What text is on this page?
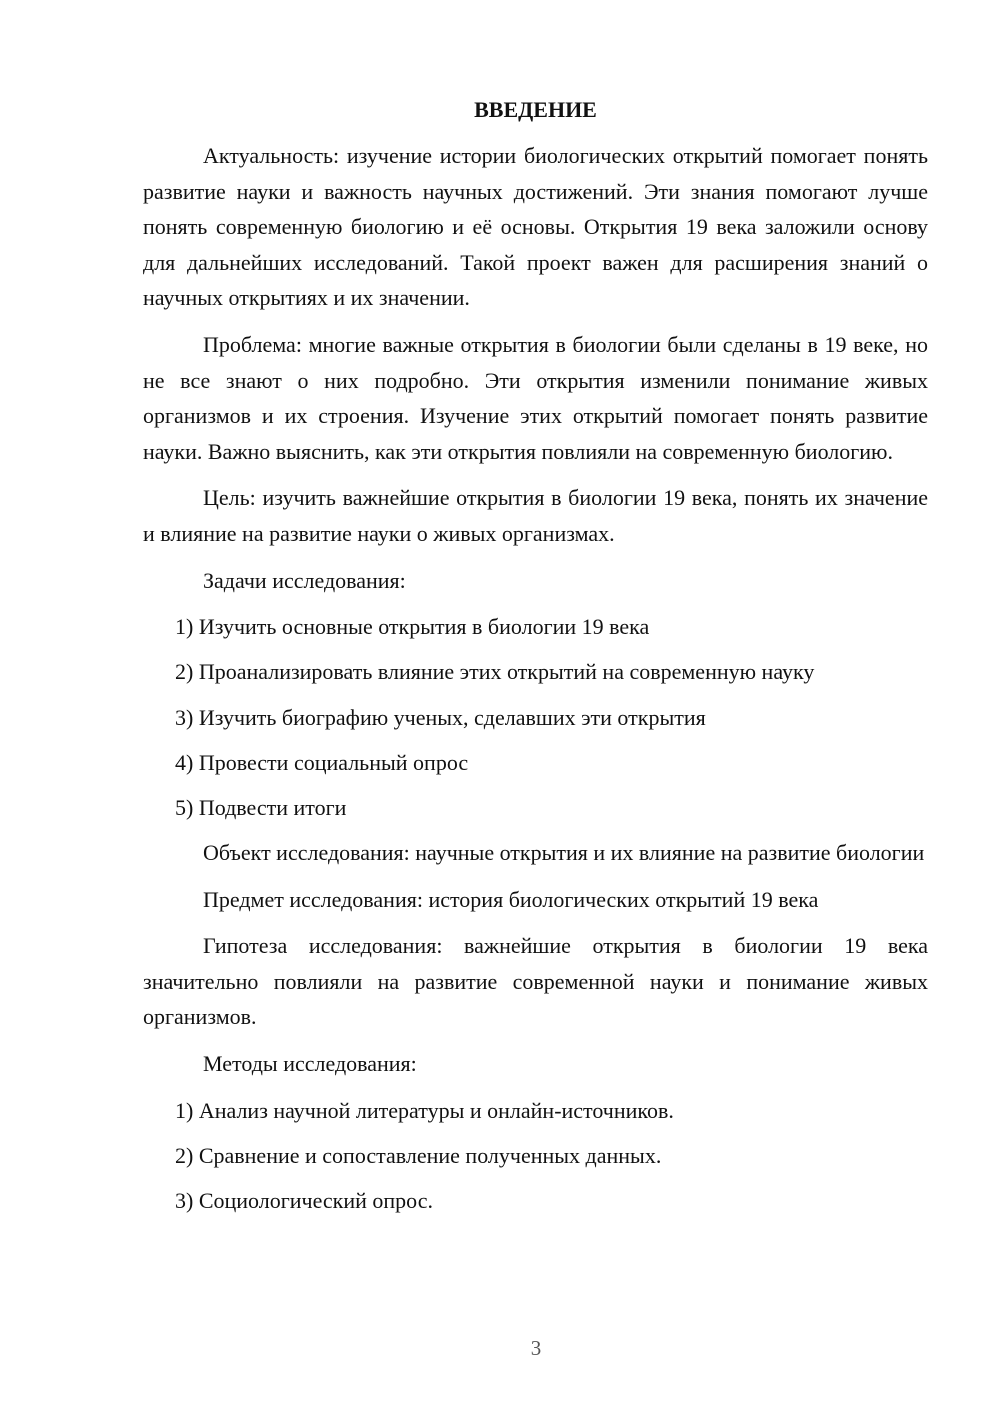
ВВЕДЕНИЕ

Актуальность: изучение истории биологических открытий помогает понять развитие науки и важность научных достижений. Эти знания помогают лучше понять современную биологию и её основы. Открытия 19 века заложили основу для дальнейших исследований. Такой проект важен для расширения знаний о научных открытиях и их значении.

Проблема: многие важные открытия в биологии были сделаны в 19 веке, но не все знают о них подробно. Эти открытия изменили понимание живых организмов и их строения. Изучение этих открытий помогает понять развитие науки. Важно выяснить, как эти открытия повлияли на современную биологию.

Цель: изучить важнейшие открытия в биологии 19 века, понять их значение и влияние на развитие науки о живых организмах.

Задачи исследования:

1) Изучить основные открытия в биологии 19 века
2) Проанализировать влияние этих открытий на современную науку
3) Изучить биографию ученых, сделавших эти открытия
4) Провести социальный опрос
5) Подвести итоги

Объект исследования: научные открытия и их влияние на развитие биологии

Предмет исследования: история биологических открытий 19 века

Гипотеза исследования: важнейшие открытия в биологии 19 века значительно повлияли на развитие современной науки и понимание живых организмов.

Методы исследования:

1) Анализ научной литературы и онлайн-источников.
2) Сравнение и сопоставление полученных данных.
3) Социологический опрос.
3
